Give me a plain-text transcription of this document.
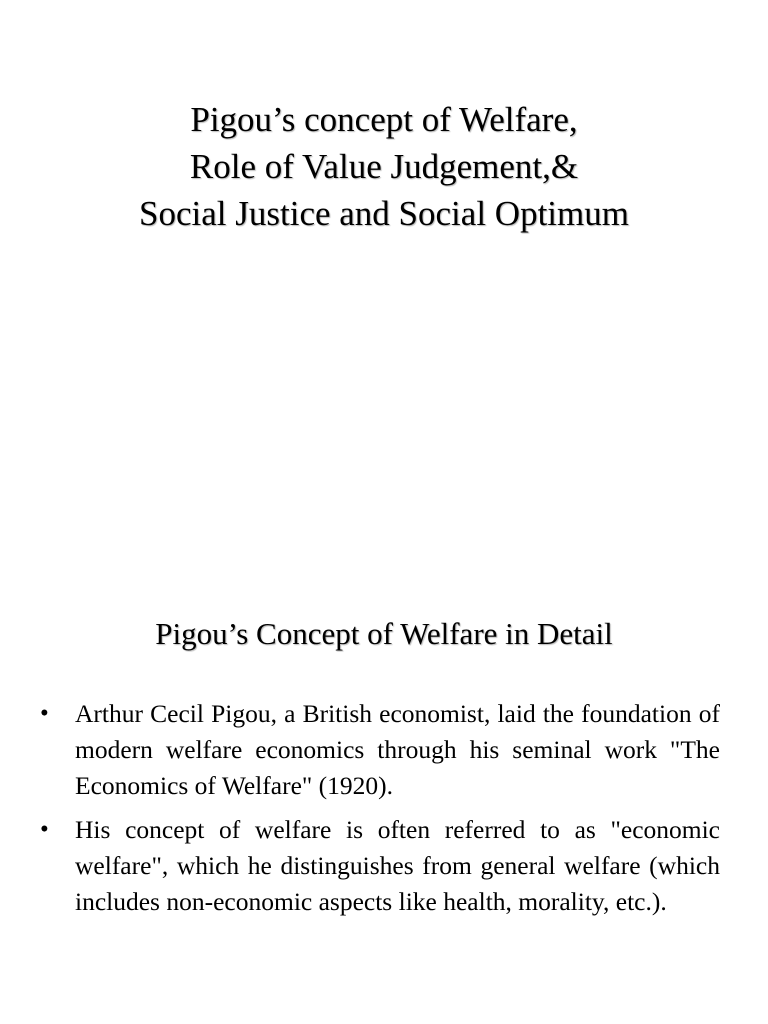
Pigou’s concept of Welfare,
Role of Value Judgement,&
Social Justice and Social Optimum
Pigou’s Concept of Welfare in Detail
•	Arthur Cecil Pigou, a British economist, laid the foundation of modern welfare economics through his seminal work "The Economics of Welfare" (1920).
•	His concept of welfare is often referred to as "economic welfare", which he distinguishes from general welfare (which includes non-economic aspects like health, morality, etc.).
